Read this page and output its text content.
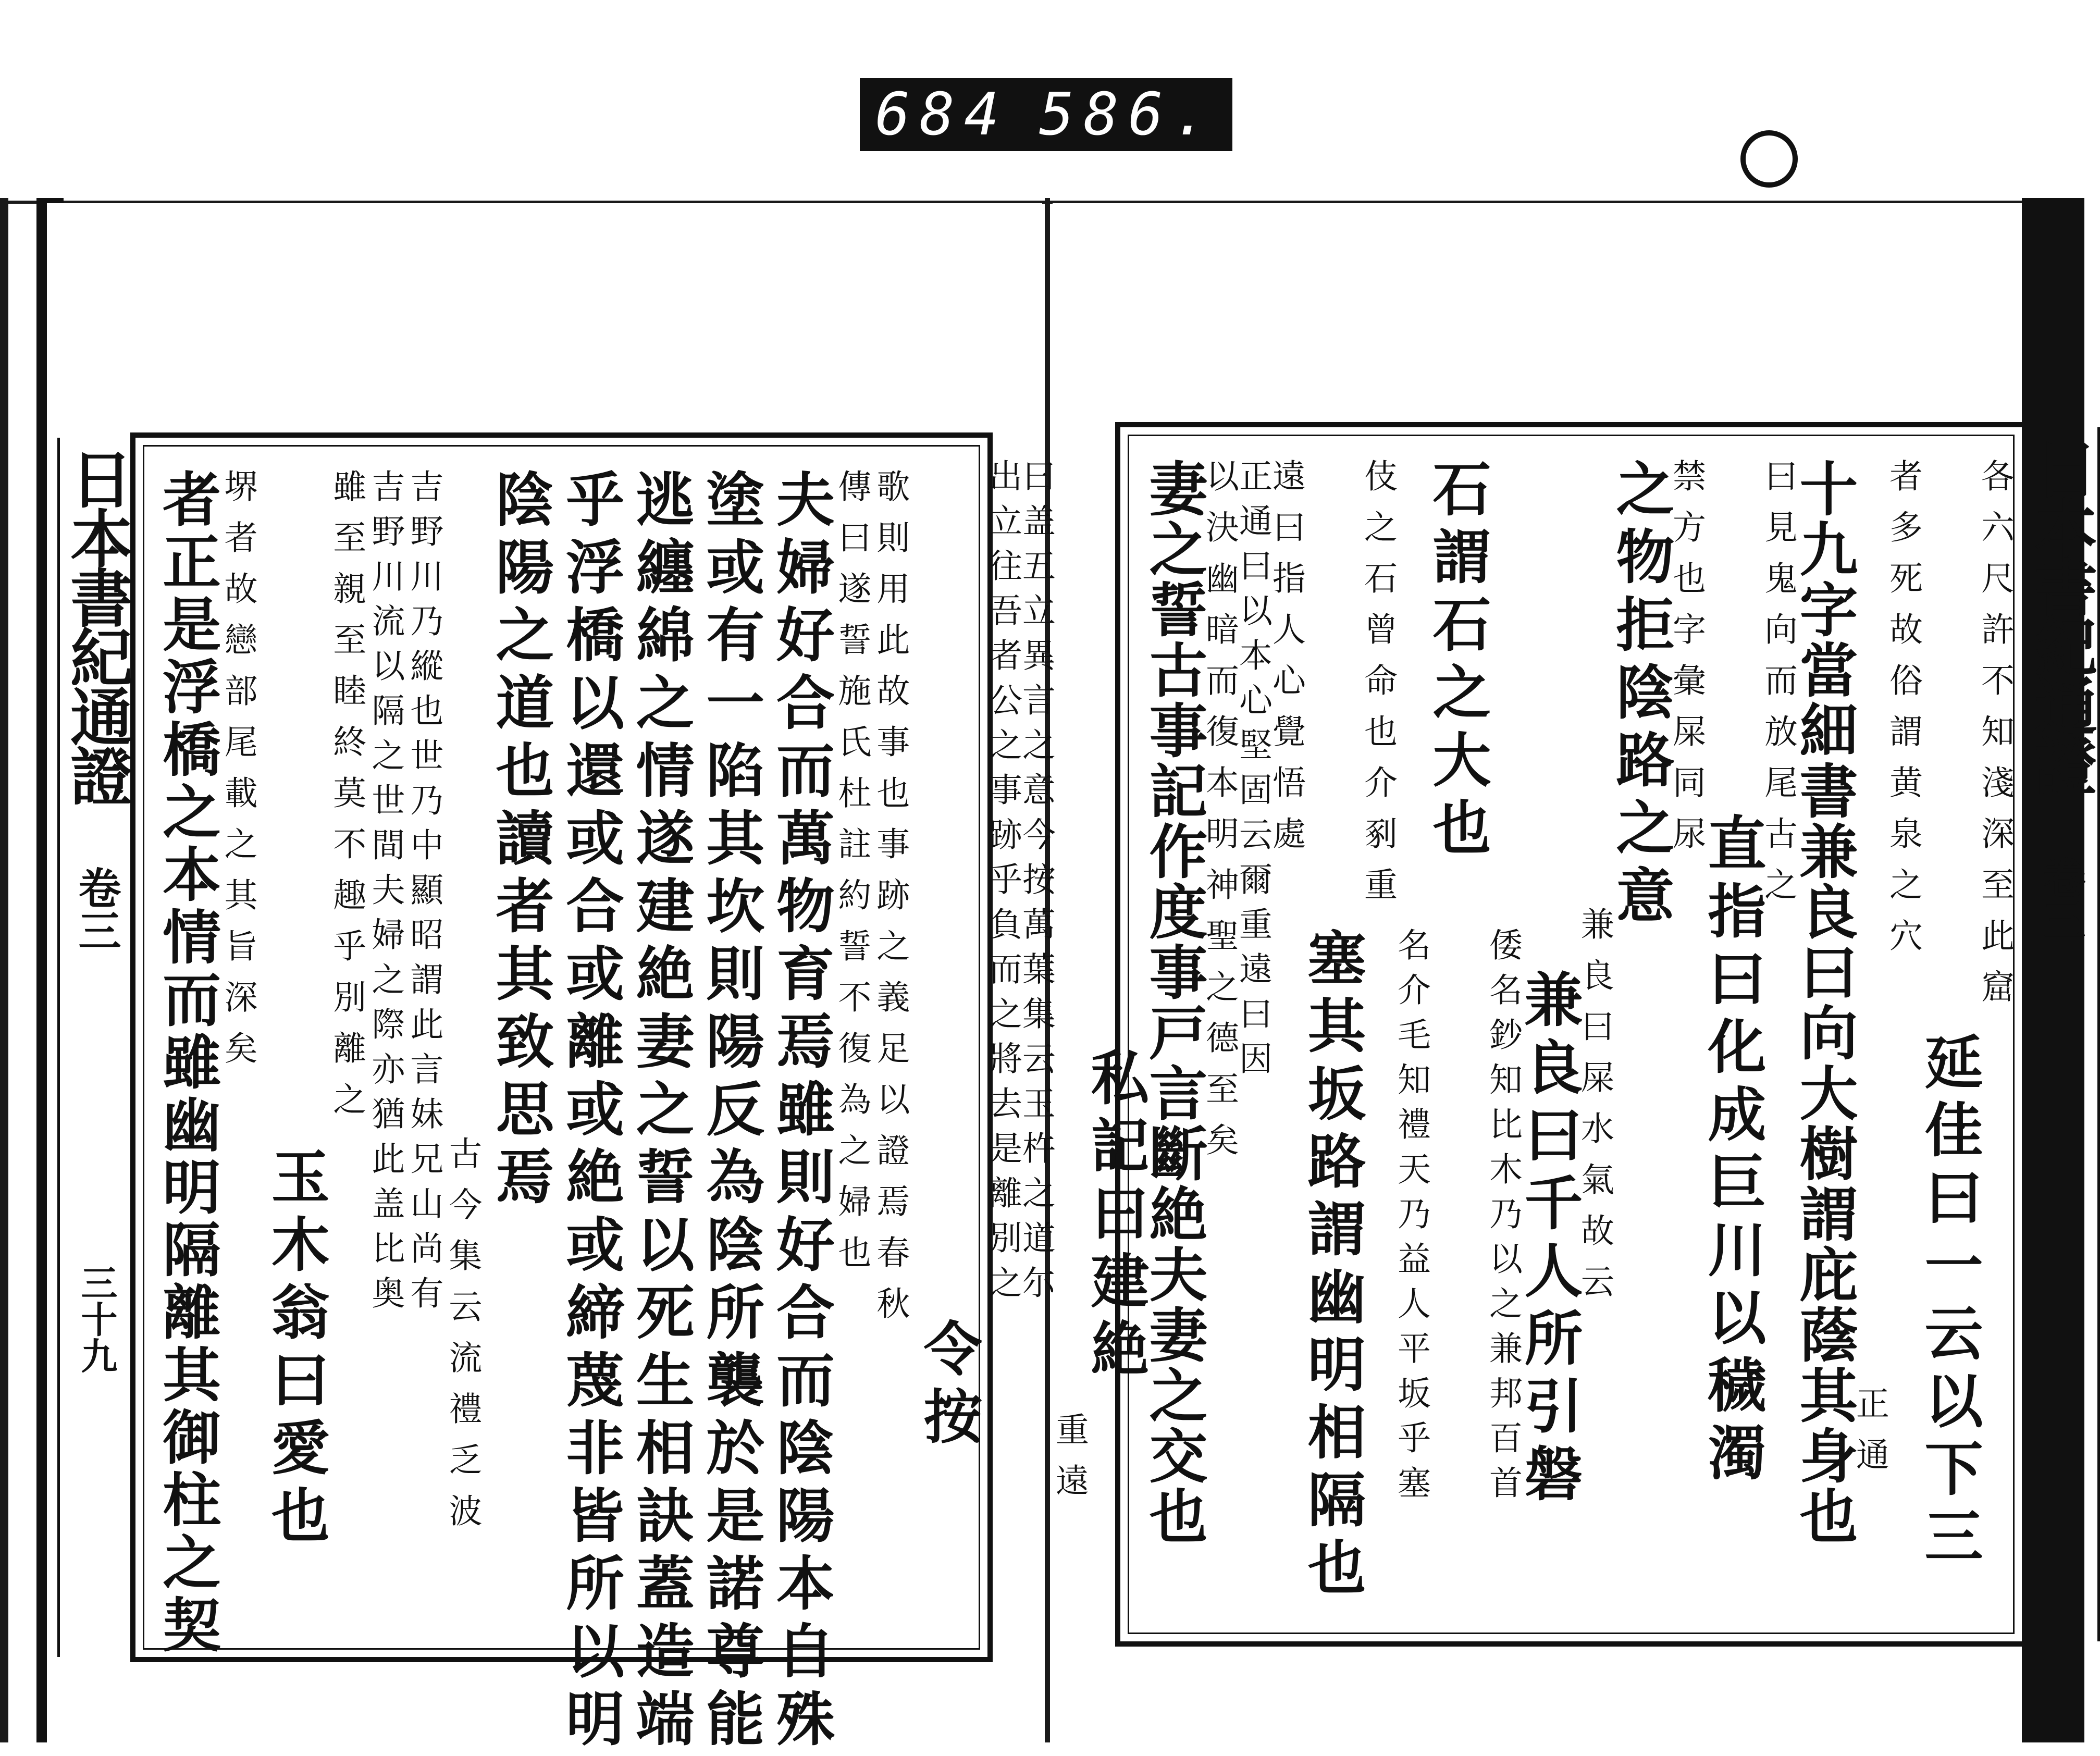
684 586.
日本書紀通證
卷三
三十九	令按
歌則用此故事也事跡之義足以證焉春秋
傳曰遂誓施氏杜註約誓不復為之婦也
夫婦好合而萬物育焉雖則好合而陰陽本自殊
塗或有一陷其坎則陽反為陰所襲於是諾尊能
逃纏綿之情遂建絶妻之誓以死生相訣蓋造端
乎浮橋以還或合或離或絶或締蔑非皆所以明
陰陽之道也讀者其致思焉
古今集云流禮乏波
吉野川乃縱也世乃中顯昭謂此言妹兄山尚有
吉野川流以隔之世間夫婦之際亦猶此盖比奥
雖至親至睦終莫不趣乎別離之
玉木翁曰愛也
堺者故戀部尾載之其旨深矣
者正是浮橋之本情而雖幽明隔離其御柱之契	日本書紀通證
卷三
各六尺許不知淺深至此窟
延佳曰一云以下三
者多死故俗謂黄泉之穴
正通
十九字當細書兼良曰向大樹謂庇蔭其身也
曰見鬼向而放尾古之
直指曰化成巨川以穢濁
禁方也字彙屎同尿
之物拒陰路之意
兼良曰屎水氣故云
兼良曰千人所引磐
倭名鈔知比木乃以之兼邦百首
石謂石之大也
名介毛知禮天乃益人平坂乎塞
伎之石曾命也介剢重
塞其坂路謂幽明相隔也
遠曰指人心覺悟處
正通曰以本心堅固云爾重遠曰因
以決幽暗而復本明神聖之德至矣
妻之誓古事記作度事戸言斷絶夫妻之交也
私記曰建絶
重遠
曰盖五立異言之意今按萬葉集云玉杵之道尓
出立往吾者公之事跡乎負而之將去是離別之
